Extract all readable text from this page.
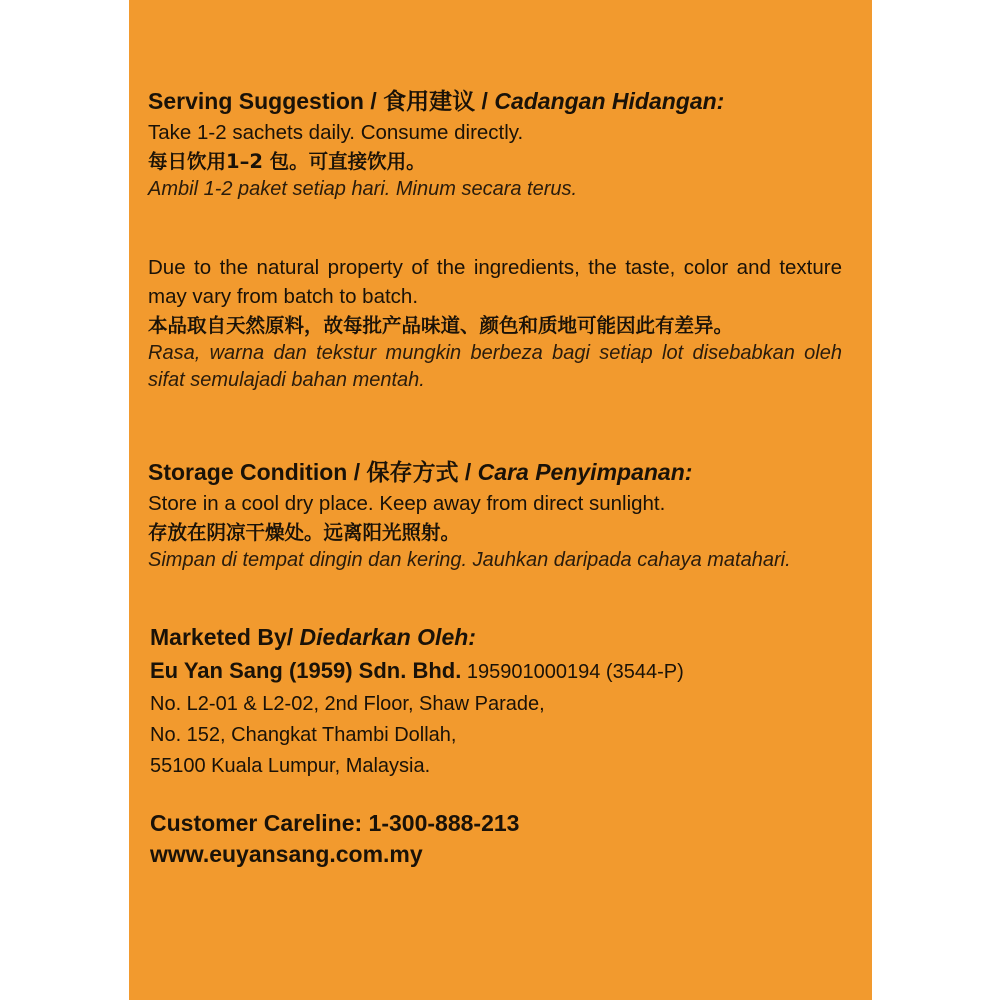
Serving Suggestion / 食用建议 / Cadangan Hidangan:

Take 1-2 sachets daily. Consume directly.

每日饮用1–2 包。可直接饮用。

Ambil 1-2 paket setiap hari. Minum secara terus.

Due to the natural property of the ingredients, the taste, color and texture may vary from batch to batch.

本品取自天然原料，故每批产品味道、颜色和质地可能因此有差异。

Rasa, warna dan tekstur mungkin berbeza bagi setiap lot disebabkan oleh sifat semulajadi bahan mentah.

Storage Condition / 保存方式 / Cara Penyimpanan:

Store in a cool dry place. Keep away from direct sunlight.

存放在阴凉干燥处。远离阳光照射。

Simpan di tempat dingin dan kering. Jauhkan daripada cahaya matahari.

Marketed By/ Diedarkan Oleh:

Eu Yan Sang (1959) Sdn. Bhd. 195901000194 (3544-P)

No. L2-01 & L2-02, 2nd Floor, Shaw Parade,

No. 152, Changkat Thambi Dollah,

55100 Kuala Lumpur, Malaysia.

Customer Careline: 1-300-888-213

www.euyansang.com.my
